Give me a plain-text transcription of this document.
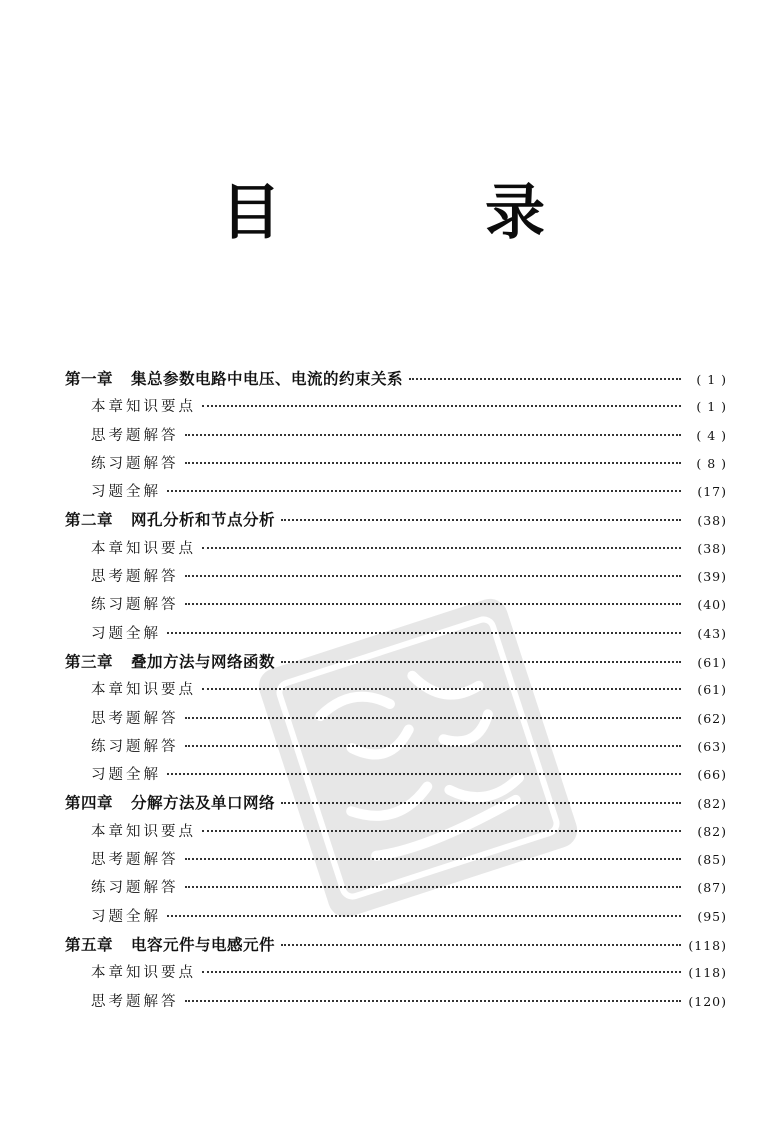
目　录
第一章 集总参数电路中电压、电流的约束关系	( 1 )
本章知识要点	( 1 )
思考题解答	( 4 )
练习题解答	( 8 )
习题全解	(17)
第二章 网孔分析和节点分析	(38)
本章知识要点	(38)
思考题解答	(39)
练习题解答	(40)
习题全解	(43)
第三章 叠加方法与网络函数	(61)
本章知识要点	(61)
思考题解答	(62)
练习题解答	(63)
习题全解	(66)
第四章 分解方法及单口网络	(82)
本章知识要点	(82)
思考题解答	(85)
练习题解答	(87)
习题全解	(95)
第五章 电容元件与电感元件	(118)
本章知识要点	(118)
思考题解答	(120)
